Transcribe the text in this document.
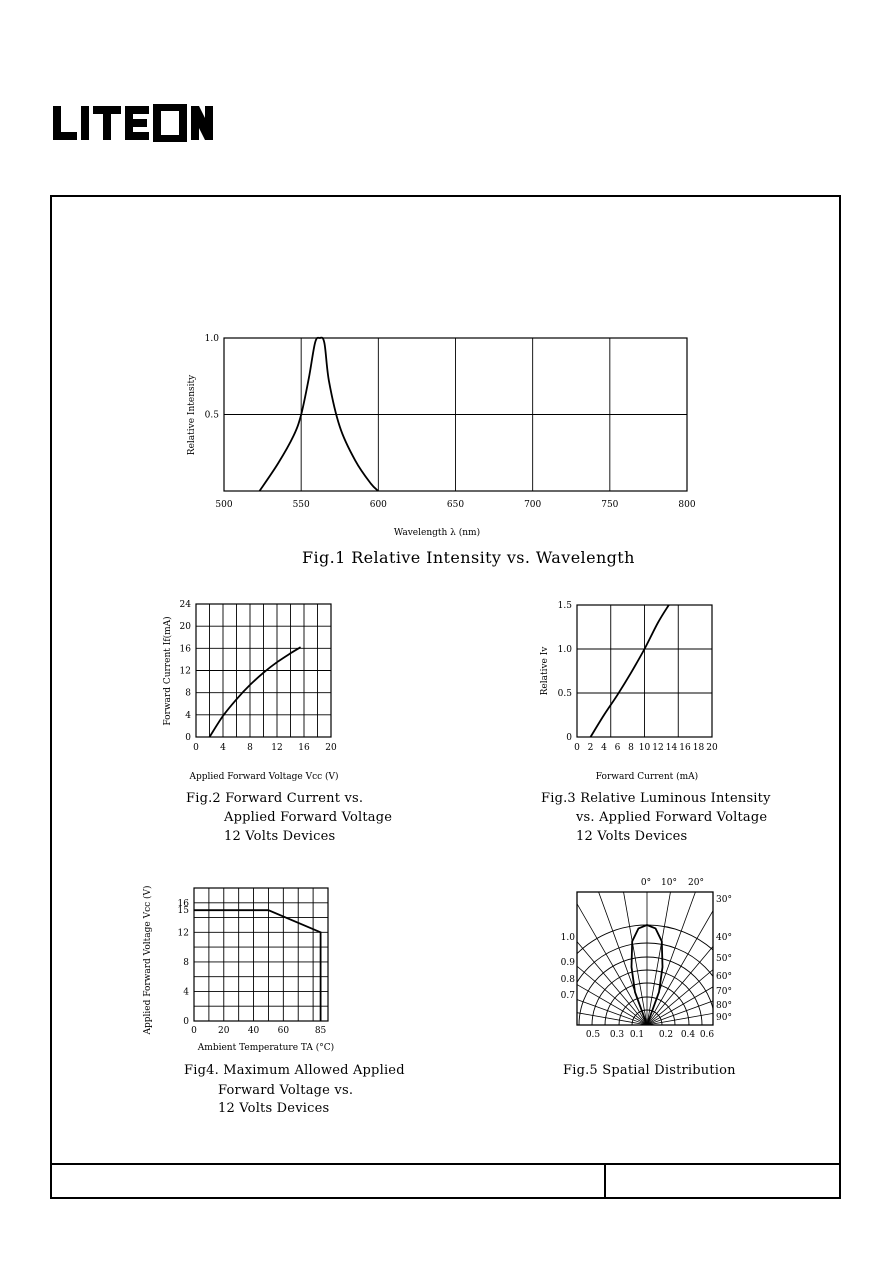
500	550	600	650	700	750	800
0.5
1.0
Wavelength λ (nm)
Relative Intensity
Fig.1 Relative Intensity vs. Wavelength
0 4 8 12 16 20
0
4
8
12
16
20
24
Applied Forward Voltage Vcc (V)
Forward Current If(mA)
Fig.2 Forward Current vs.
Applied Forward Voltage
12 Volts Devices
0 2 4 6 8 10 12 14 16 18 20
0
0.5
1.0
1.5
Forward Current (mA)
Relative Iv
Fig.3 Relative Luminous Intensity
vs. Applied Forward Voltage
12 Volts Devices
0 20 40 60	85
0
4
8
12
15
16
Ambient Temperature TA (°C)
Applied Forward Voltage Vcc (V)
Fig4. Maximum Allowed Applied
Forward Voltage vs.
12 Volts Devices
0° 10° 20°
30°
40°
50°
60°
70°
80°
90°
1.0
0.9
0.8
0.7
0.5 0.3 0.1 0.2 0.4 0.6
Fig.5 Spatial Distribution
